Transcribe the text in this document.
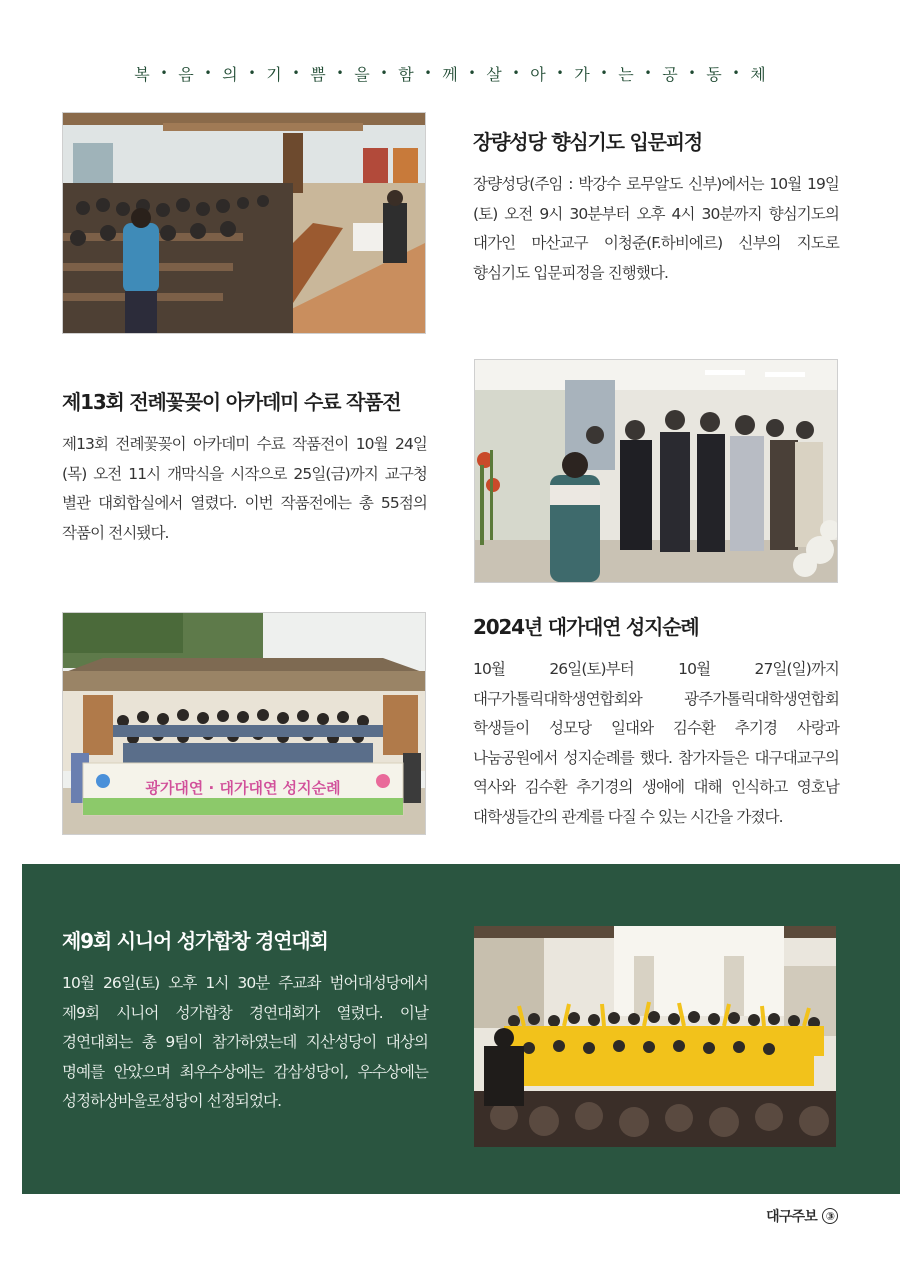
복 • 음 • 의 • 기 • 쁨 • 을 • 함 • 께 • 살 • 아 • 가 • 는 • 공 • 동 • 체
장량성당 향심기도 입문피정

장량성당(주임 : 박강수 로무알도 신부)에서는 10월 19일(토) 오전 9시 30분부터 오후 4시 30분까지 향심기도의 대가인 마산교구 이청준(F.하비에르) 신부의 지도로 향심기도 입문피정을 진행했다.

제13회 전례꽃꽂이 아카데미 수료 작품전

제13회 전례꽃꽂이 아카데미 수료 작품전이 10월 24일(목) 오전 11시 개막식을 시작으로 25일(금)까지 교구청 별관 대회합실에서 열렸다. 이번 작품전에는 총 55점의 작품이 전시됐다.

광가대연 · 대가대연 성지순례
2024년 대가대연 성지순례

10월 26일(토)부터 10월 27일(일)까지 대구가톨릭대학생연합회와 광주가톨릭대학생연합회 학생들이 성모당 일대와 김수환 추기경 사랑과 나눔공원에서 성지순례를 했다. 참가자들은 대구대교구의 역사와 김수환 추기경의 생애에 대해 인식하고 영호남 대학생들간의 관계를 다질 수 있는 시간을 가졌다.

제9회 시니어 성가합창 경연대회

10월 26일(토) 오후 1시 30분 주교좌 범어대성당에서 제9회 시니어 성가합창 경연대회가 열렸다. 이날 경연대회는 총 9팀이 참가하였는데 지산성당이 대상의 명예를 안았으며 최우수상에는 감삼성당이, 우수상에는 성정하상바울로성당이 선정되었다.

대구주보 ③
